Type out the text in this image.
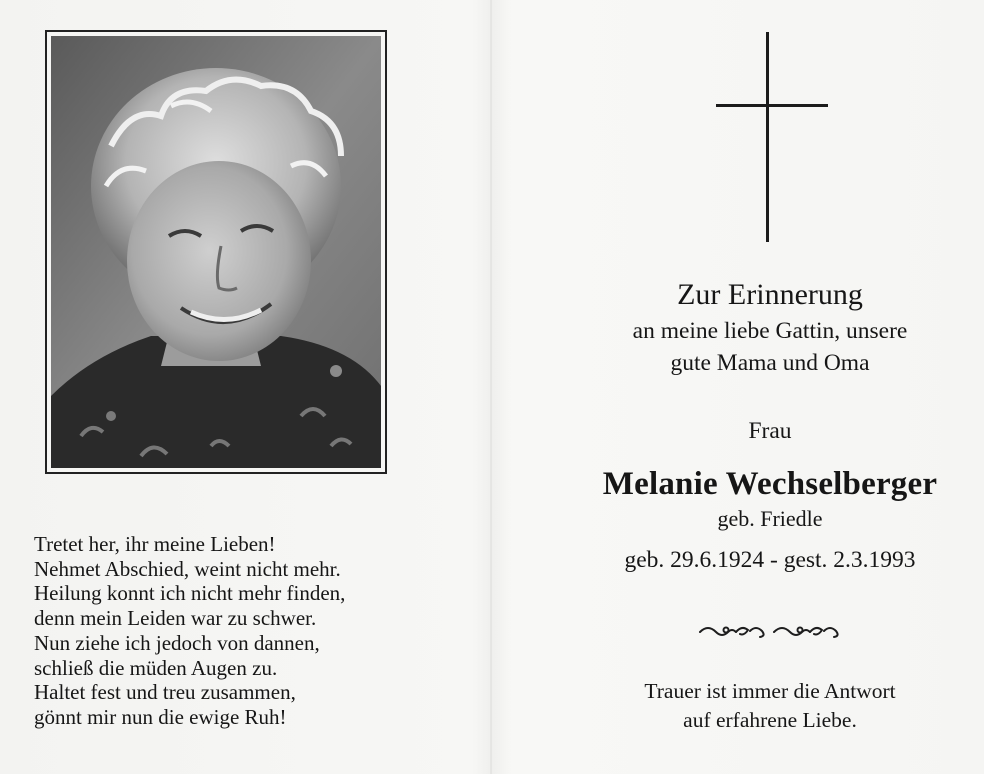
Tretet her, ihr meine Lieben!
Nehmet Abschied, weint nicht mehr.
Heilung konnt ich nicht mehr finden,
denn mein Leiden war zu schwer.
Nun ziehe ich jedoch von dannen,
schließ die müden Augen zu.
Haltet fest und treu zusammen,
gönnt mir nun die ewige Ruh!
Zur Erinnerung
an meine liebe Gattin, unsere
gute Mama und Oma
Frau
Melanie Wechselberger
geb. Friedle
geb. 29.6.1924 - gest. 2.3.1993
Trauer ist immer die Antwort
auf erfahrene Liebe.
